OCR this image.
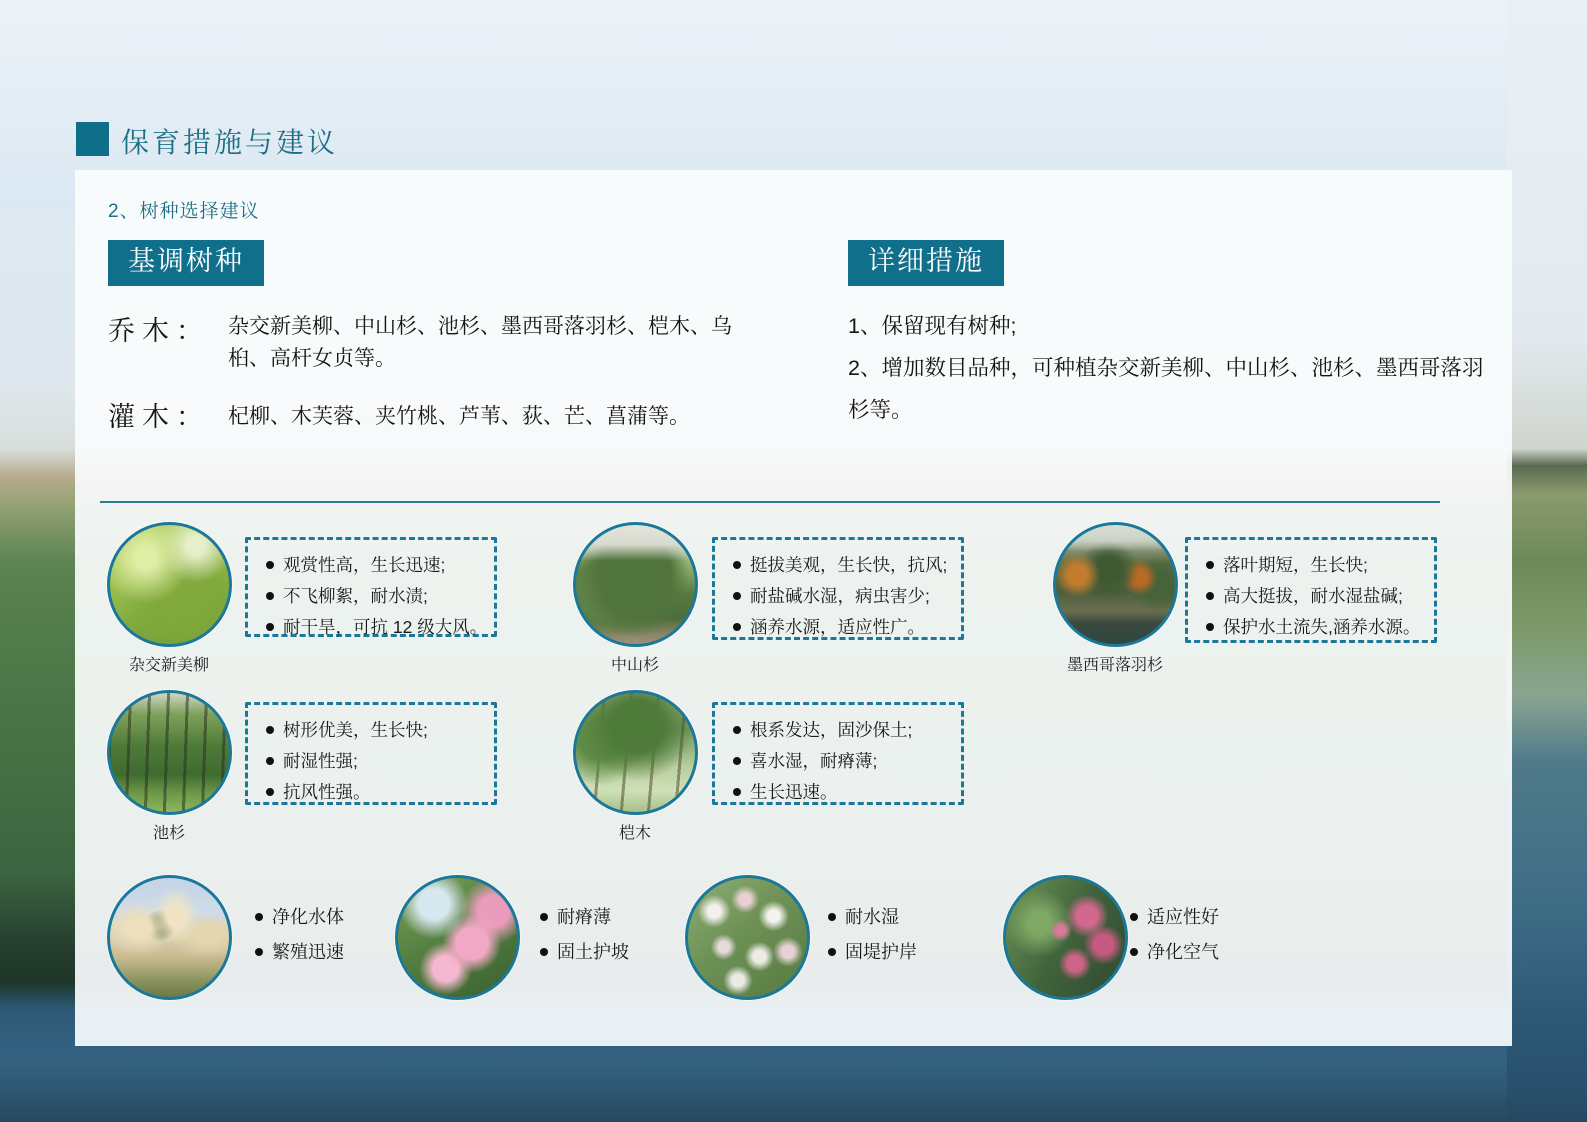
保育措施与建议
2、树种选择建议
基调树种	详细措施
乔木： 杂交新美柳、中山杉、池杉、墨西哥落羽杉、桤木、乌桕、高杆女贞等。
灌木： 杞柳、木芙蓉、夹竹桃、芦苇、荻、芒、菖蒲等。
1、保留现有树种;
2、增加数目品种，可种植杂交新美柳、中山杉、池杉、墨西哥落羽杉等。
杂交新美柳
观赏性高，生长迅速;
不飞柳絮，耐水渍;
耐干旱，可抗 12 级大风。
中山杉
挺拔美观，生长快，抗风;
耐盐碱水湿，病虫害少;
涵养水源，适应性广。
墨西哥落羽杉
落叶期短，生长快;
高大挺拔，耐水湿盐碱;
保护水土流失,涵养水源。
池杉
树形优美，生长快;
耐湿性强;
抗风性强。
桤木
根系发达，固沙保土;
喜水湿，耐瘠薄;
生长迅速。
净化水体
繁殖迅速
耐瘠薄
固土护坡
耐水湿
固堤护岸
适应性好
净化空气
